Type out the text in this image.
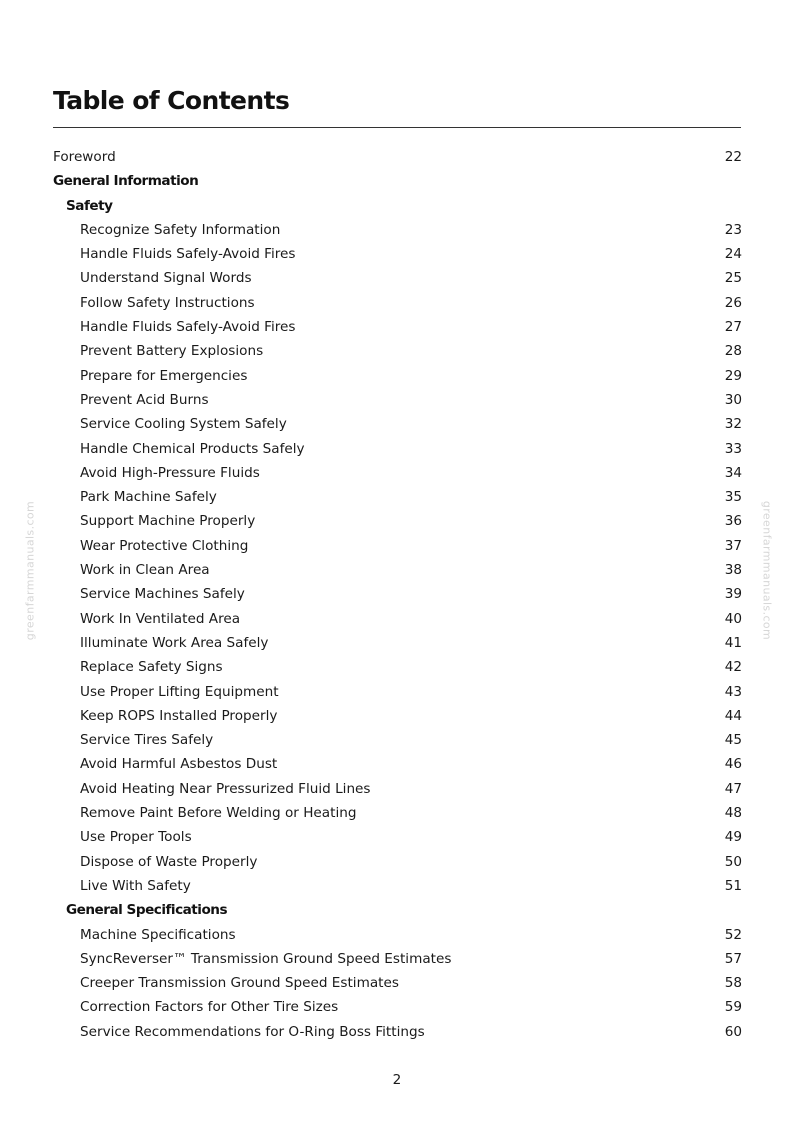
Table of Contents
Foreword	22
General Information
Safety
Recognize Safety Information	23
Handle Fluids Safely-Avoid Fires	24
Understand Signal Words	25
Follow Safety Instructions	26
Handle Fluids Safely-Avoid Fires	27
Prevent Battery Explosions	28
Prepare for Emergencies	29
Prevent Acid Burns	30
Service Cooling System Safely	32
Handle Chemical Products Safely	33
Avoid High-Pressure Fluids	34
Park Machine Safely	35
Support Machine Properly	36
Wear Protective Clothing	37
Work in Clean Area	38
Service Machines Safely	39
Work In Ventilated Area	40
Illuminate Work Area Safely	41
Replace Safety Signs	42
Use Proper Lifting Equipment	43
Keep ROPS Installed Properly	44
Service Tires Safely	45
Avoid Harmful Asbestos Dust	46
Avoid Heating Near Pressurized Fluid Lines	47
Remove Paint Before Welding or Heating	48
Use Proper Tools	49
Dispose of Waste Properly	50
Live With Safety	51
General Specifications
Machine Specifications	52
SyncReverser™ Transmission Ground Speed Estimates	57
Creeper Transmission Ground Speed Estimates	58
Correction Factors for Other Tire Sizes	59
Service Recommendations for O-Ring Boss Fittings	60
greenfarmmanuals.com	greenfarmmanuals.com
2
